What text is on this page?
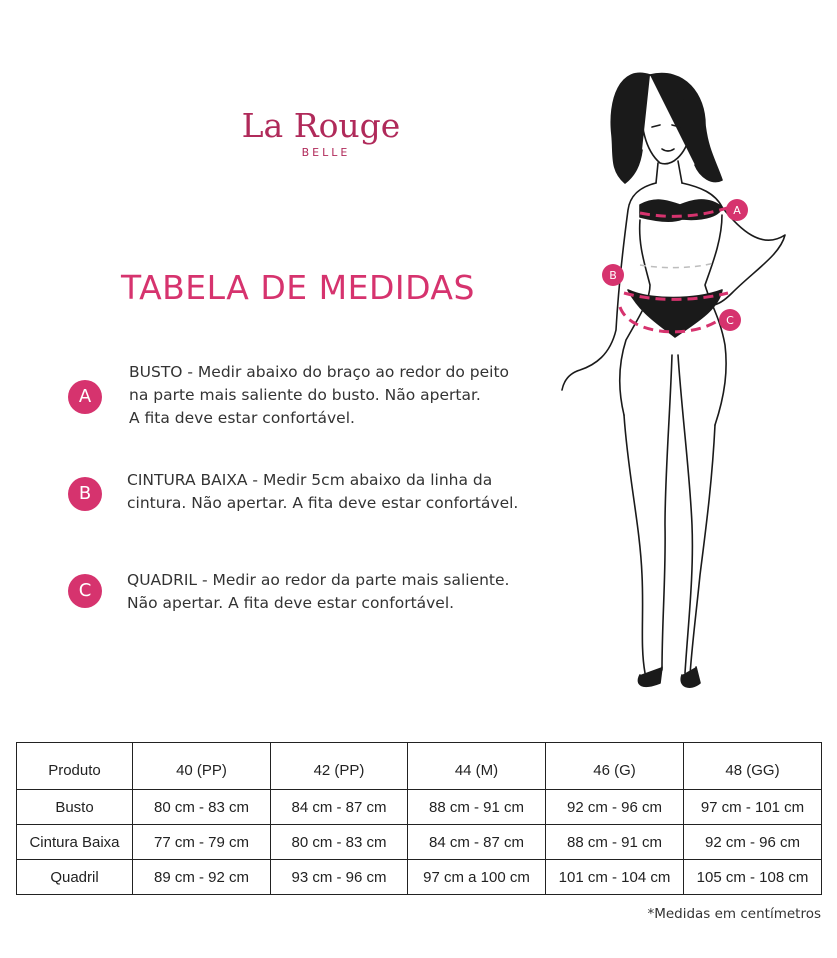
La Rouge
BELLE
TABELA DE MEDIDAS
A
BUSTO - Medir abaixo do braço ao redor do peito
na parte mais saliente do busto. Não apertar.
A fita deve estar confortável.
B
CINTURA BAIXA - Medir 5cm abaixo da linha da
cintura. Não apertar. A fita deve estar confortável.
C	QUADRIL - Medir ao redor da parte mais saliente.
Não apertar. A fita deve estar confortável.
A
B
C
Produto	40 (PP)	42 (PP)	44 (M)	46 (G)	48 (GG)
Busto	80 cm - 83 cm	84 cm - 87 cm	88 cm - 91 cm	92 cm - 96 cm	97 cm - 101 cm
Cintura Baixa	77 cm - 79 cm	80 cm - 83 cm	84 cm - 87 cm	88 cm - 91 cm	92 cm - 96 cm
Quadril	89 cm - 92 cm	93 cm - 96 cm	97 cm a 100 cm	101 cm - 104 cm	105 cm - 108 cm
*Medidas em centímetros
